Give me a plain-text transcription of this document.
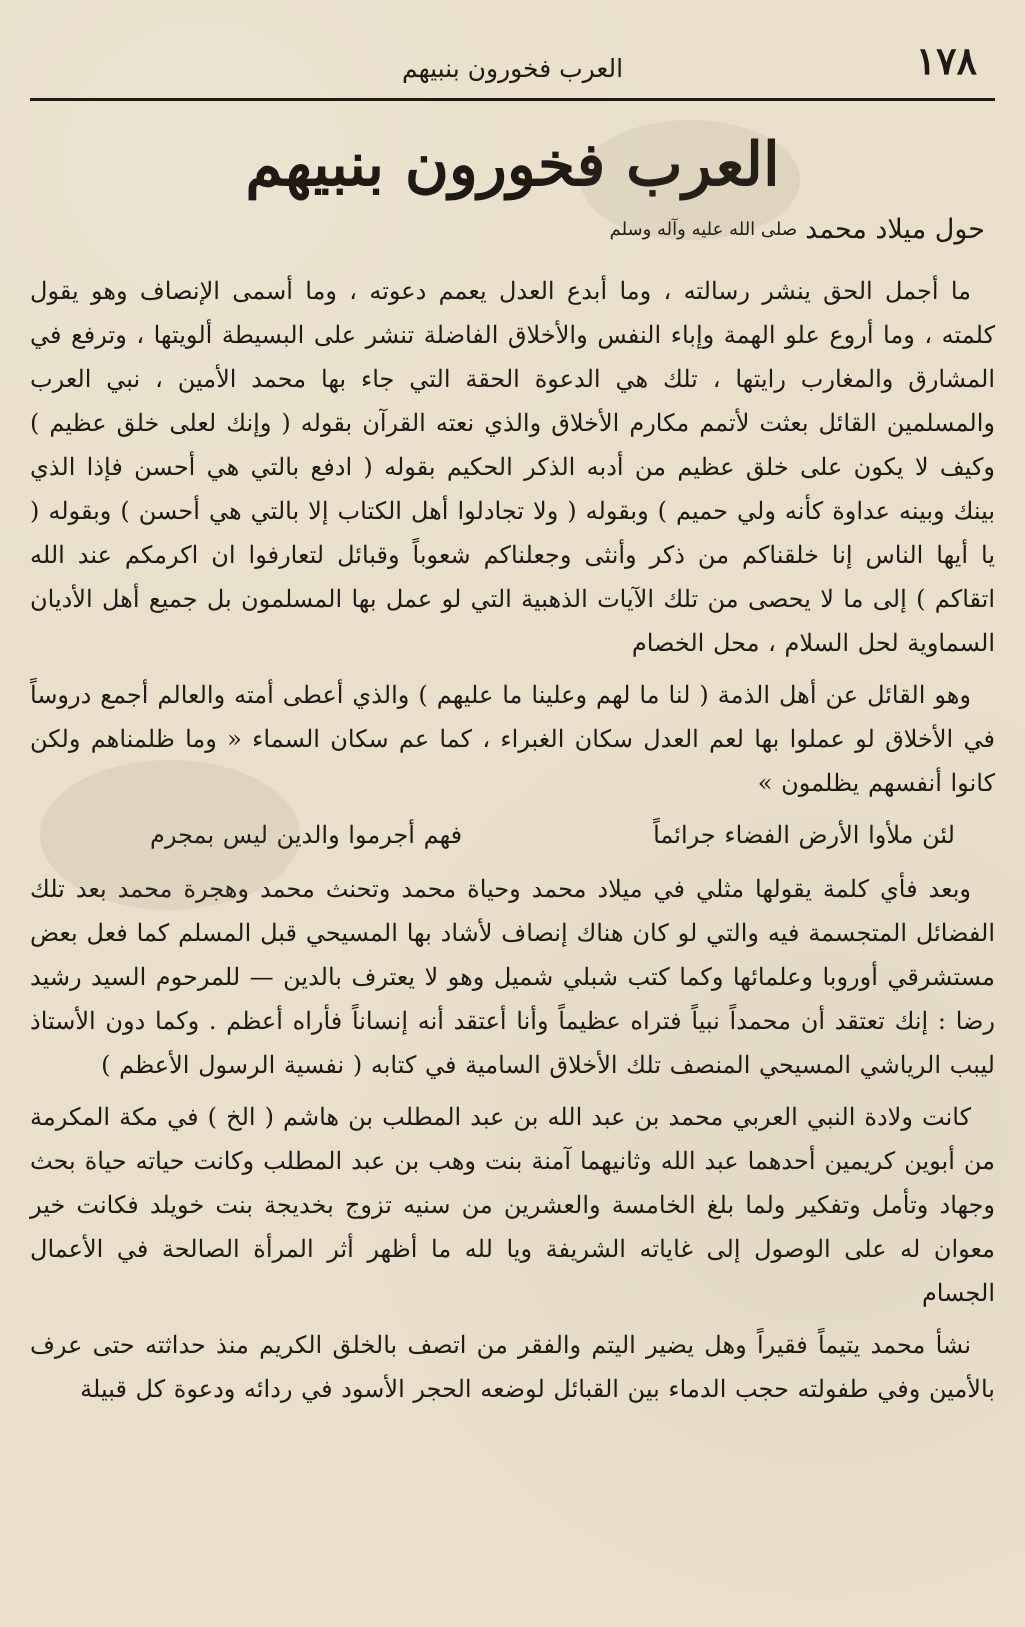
١٧٨
العرب فخورون بنبيهم
العرب فخورون بنبيهم
حول ميلاد محمد
صلى الله عليه وآله وسلم

ما أجمل الحق ينشر رسالته ، وما أبدع العدل يعمم دعوته ، وما أسمى الإنصاف وهو يقول كلمته ، وما أروع علو الهمة وإباء النفس والأخلاق الفاضلة تنشر على البسيطة ألويتها ، وترفع في المشارق والمغارب رايتها ، تلك هي الدعوة الحقة التي جاء بها محمد الأمين ، نبي العرب والمسلمين القائل بعثت لأتمم مكارم الأخلاق والذي نعته القرآن بقوله ( وإنك لعلى خلق عظيم ) وكيف لا يكون على خلق عظيم من أدبه الذكر الحكيم بقوله ( ادفع بالتي هي أحسن فإذا الذي بينك وبينه عداوة كأنه ولي حميم ) وبقوله ( ولا تجادلوا أهل الكتاب إلا بالتي هي أحسن ) وبقوله ( يا أيها الناس إنا خلقناكم من ذكر وأنثى وجعلناكم شعوباً وقبائل لتعارفوا ان اكرمكم عند الله اتقاكم ) إلى ما لا يحصى من تلك الآيات الذهبية التي لو عمل بها المسلمون بل جميع أهل الأديان السماوية لحل السلام ، محل الخصام

وهو القائل عن أهل الذمة ( لنا ما لهم وعلينا ما عليهم ) والذي أعطى أمته والعالم أجمع دروساً في الأخلاق لو عملوا بها لعم العدل سكان الغبراء ، كما عم سكان السماء « وما ظلمناهم ولكن كانوا أنفسهم يظلمون »

لئن ملأوا الأرض الفضاء جرائماً
فهم أجرموا والدين ليس بمجرم

وبعد فأي كلمة يقولها مثلي في ميلاد محمد وحياة محمد وتحنث محمد وهجرة محمد بعد تلك الفضائل المتجسمة فيه والتي لو كان هناك إنصاف لأشاد بها المسيحي قبل المسلم كما فعل بعض مستشرقي أوروبا وعلمائها وكما كتب شبلي شميل وهو لا يعترف بالدين — للمرحوم السيد رشيد رضا : إنك تعتقد أن محمداً نبياً فتراه عظيماً وأنا أعتقد أنه إنساناً فأراه أعظم . وكما دون الأستاذ ليبب الرياشي المسيحي المنصف تلك الأخلاق السامية في كتابه ( نفسية الرسول الأعظم )

كانت ولادة النبي العربي محمد بن عبد الله بن عبد المطلب بن هاشم ( الخ ) في مكة المكرمة من أبوين كريمين أحدهما عبد الله وثانيهما آمنة بنت وهب بن عبد المطلب وكانت حياته حياة بحث وجهاد وتأمل وتفكير ولما بلغ الخامسة والعشرين من سنيه تزوج بخديجة بنت خويلد فكانت خير معوان له على الوصول إلى غاياته الشريفة ويا لله ما أظهر أثر المرأة الصالحة في الأعمال الجسام

نشأ محمد يتيماً فقيراً وهل يضير اليتم والفقر من اتصف بالخلق الكريم منذ حداثته حتى عرف بالأمين وفي طفولته حجب الدماء بين القبائل لوضعه الحجر الأسود في ردائه ودعوة كل قبيلة
